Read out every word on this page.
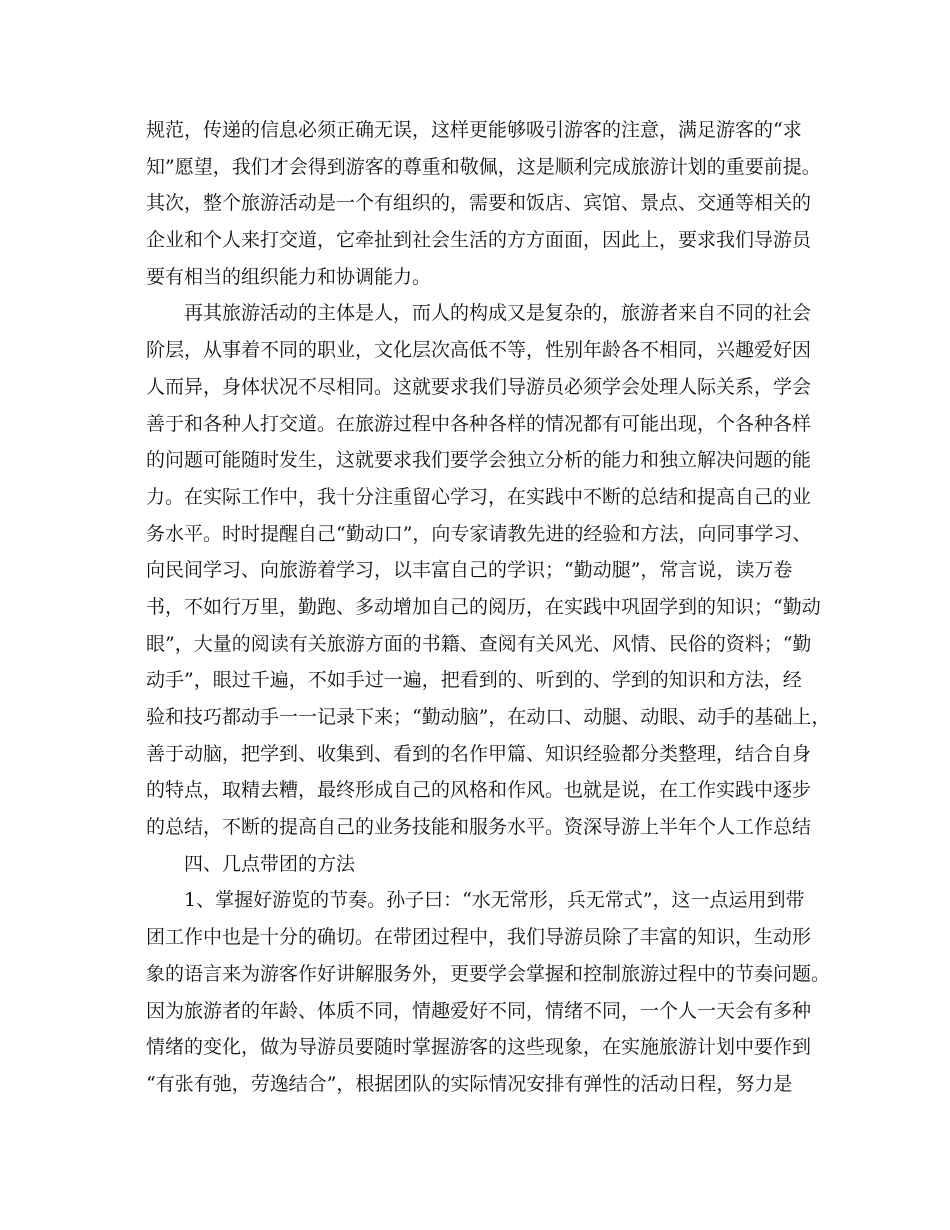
规范，传递的信息必须正确无误，这样更能够吸引游客的注意，满足游客的“求
知”愿望，我们才会得到游客的尊重和敬佩，这是顺利完成旅游计划的重要前提。
其次，整个旅游活动是一个有组织的，需要和饭店、宾馆、景点、交通等相关的
企业和个人来打交道，它牵扯到社会生活的方方面面，因此上，要求我们导游员
要有相当的组织能力和协调能力。
再其旅游活动的主体是人，而人的构成又是复杂的，旅游者来自不同的社会
阶层，从事着不同的职业，文化层次高低不等，性别年龄各不相同，兴趣爱好因
人而异，身体状况不尽相同。这就要求我们导游员必须学会处理人际关系，学会
善于和各种人打交道。在旅游过程中各种各样的情况都有可能出现，个各种各样
的问题可能随时发生，这就要求我们要学会独立分析的能力和独立解决问题的能
力。在实际工作中，我十分注重留心学习，在实践中不断的总结和提高自己的业
务水平。时时提醒自己“勤动口”，向专家请教先进的经验和方法，向同事学习、
向民间学习、向旅游着学习，以丰富自己的学识；“勤动腿”，常言说，读万卷
书，不如行万里，勤跑、多动增加自己的阅历，在实践中巩固学到的知识；“勤动
眼”，大量的阅读有关旅游方面的书籍、查阅有关风光、风情、民俗的资料；“勤
动手”，眼过千遍，不如手过一遍，把看到的、听到的、学到的知识和方法，经
验和技巧都动手一一记录下来；“勤动脑”，在动口、动腿、动眼、动手的基础上，
善于动脑，把学到、收集到、看到的名作甲篇、知识经验都分类整理，结合自身
的特点，取精去糟，最终形成自己的风格和作风。也就是说，在工作实践中逐步
的总结，不断的提高自己的业务技能和服务水平。资深导游上半年个人工作总结
四、几点带团的方法
1、掌握好游览的节奏。孙子曰：“水无常形，兵无常式”，这一点运用到带
团工作中也是十分的确切。在带团过程中，我们导游员除了丰富的知识，生动形
象的语言来为游客作好讲解服务外，更要学会掌握和控制旅游过程中的节奏问题。
因为旅游者的年龄、体质不同，情趣爱好不同，情绪不同，一个人一天会有多种
情绪的变化，做为导游员要随时掌握游客的这些现象，在实施旅游计划中要作到
“有张有弛，劳逸结合”，根据团队的实际情况安排有弹性的活动日程，努力是
